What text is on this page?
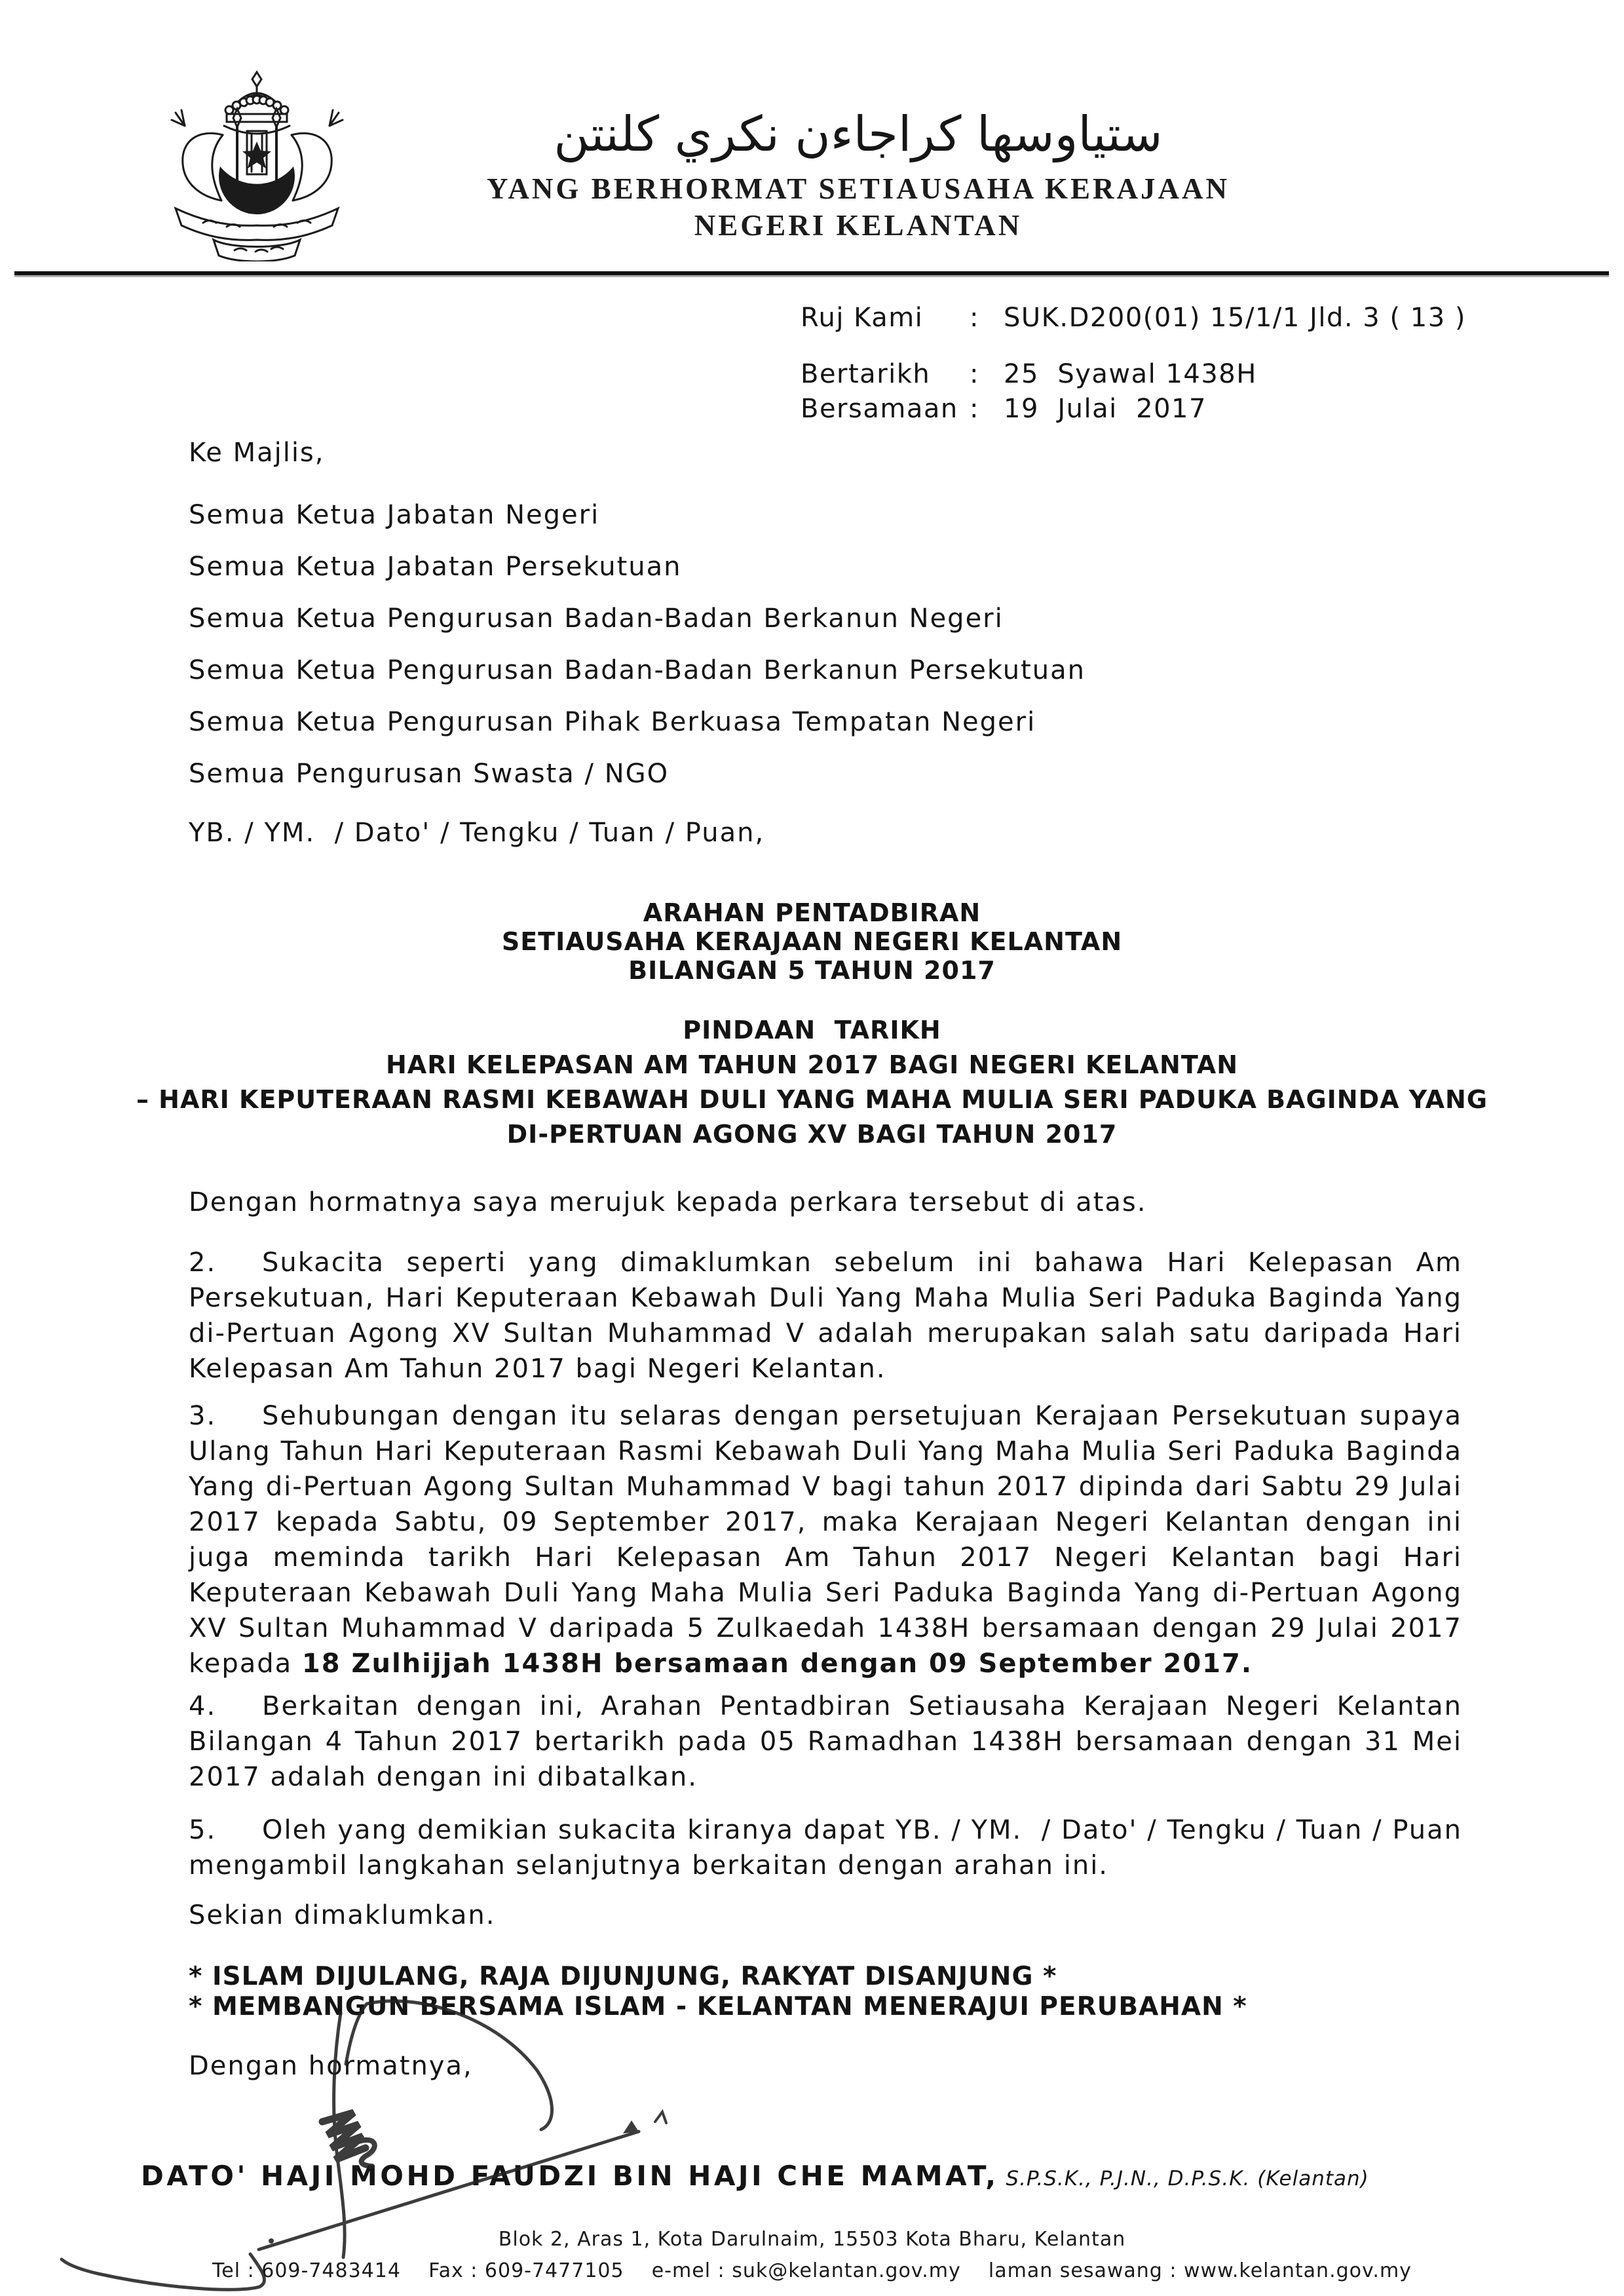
ستياوسها كراجاءن نكري كلنتن
YANG BERHORMAT SETIAUSAHA KERAJAAN
NEGERI KELANTAN
Ruj Kami : SUK.D200(01) 15/1/1 Jld. 3 ( 13 )
Bertarikh : 25  Syawal 1438H
Bersamaan : 19  Julai  2017
Ke Majlis,
Semua Ketua Jabatan Negeri
Semua Ketua Jabatan Persekutuan
Semua Ketua Pengurusan Badan-Badan Berkanun Negeri
Semua Ketua Pengurusan Badan-Badan Berkanun Persekutuan
Semua Ketua Pengurusan Pihak Berkuasa Tempatan Negeri
Semua Pengurusan Swasta / NGO
YB. / YM.  / Dato' / Tengku / Tuan / Puan,
ARAHAN PENTADBIRAN
SETIAUSAHA KERAJAAN NEGERI KELANTAN
BILANGAN 5 TAHUN 2017
PINDAAN  TARIKH
HARI KELEPASAN AM TAHUN 2017 BAGI NEGERI KELANTAN
– HARI KEPUTERAAN RASMI KEBAWAH DULI YANG MAHA MULIA SERI PADUKA BAGINDA YANG
DI-PERTUAN AGONG XV BAGI TAHUN 2017
Dengan hormatnya saya merujuk kepada perkara tersebut di atas.

2. Sukacita seperti yang dimaklumkan sebelum ini bahawa Hari Kelepasan Am Persekutuan, Hari Keputeraan Kebawah Duli Yang Maha Mulia Seri Paduka Baginda Yang di-Pertuan Agong XV Sultan Muhammad V adalah merupakan salah satu daripada Hari Kelepasan Am Tahun 2017 bagi Negeri Kelantan.

3. Sehubungan dengan itu selaras dengan persetujuan Kerajaan Persekutuan supaya Ulang Tahun Hari Keputeraan Rasmi Kebawah Duli Yang Maha Mulia Seri Paduka Baginda Yang di-Pertuan Agong Sultan Muhammad V bagi tahun 2017 dipinda dari Sabtu 29 Julai 2017 kepada Sabtu, 09 September 2017, maka Kerajaan Negeri Kelantan dengan ini juga meminda tarikh Hari Kelepasan Am Tahun 2017 Negeri Kelantan bagi Hari Keputeraan Kebawah Duli Yang Maha Mulia Seri Paduka Baginda Yang di-Pertuan Agong XV Sultan Muhammad V daripada 5 Zulkaedah 1438H bersamaan dengan 29 Julai 2017 kepada 18 Zulhijjah 1438H bersamaan dengan 09 September 2017.

4. Berkaitan dengan ini, Arahan Pentadbiran Setiausaha Kerajaan Negeri Kelantan Bilangan 4 Tahun 2017 bertarikh pada 05 Ramadhan 1438H bersamaan dengan 31 Mei 2017 adalah dengan ini dibatalkan.

5. Oleh yang demikian sukacita kiranya dapat YB. / YM.  / Dato' / Tengku / Tuan / Puan mengambil langkahan selanjutnya berkaitan dengan arahan ini.

Sekian dimaklumkan.
* ISLAM DIJULANG, RAJA DIJUNJUNG, RAKYAT DISANJUNG *
* MEMBANGUN BERSAMA ISLAM - KELANTAN MENERAJUI PERUBAHAN *
Dengan hormatnya,
DATO' HAJI MOHD FAUDZI BIN HAJI CHE MAMAT, S.P.S.K., P.J.N., D.P.S.K. (Kelantan)
Blok 2, Aras 1, Kota Darulnaim, 15503 Kota Bharu, Kelantan
Tel : 609-7483414    Fax : 609-7477105    e-mel : suk@kelantan.gov.my    laman sesawang : www.kelantan.gov.my
